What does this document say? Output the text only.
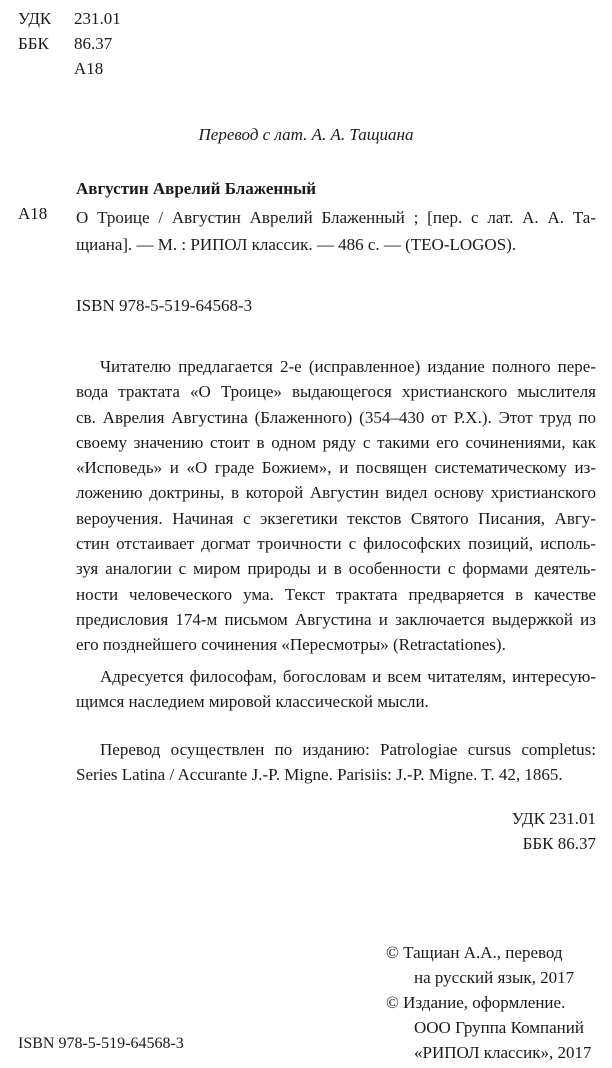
УДК	231.01
ББК	86.37
А18
Перевод с лат. А. А. Тащиана
Августин Аврелий Блаженный
А18 О Троице / Августин Аврелий Блаженный ; [пер. с лат. А. А. Та-
щиана]. — М. : РИПОЛ классик. — 486 с. — (TEO-LOGOS).
ISBN 978-5-519-64568-3
Читателю предлагается 2-е (исправленное) издание полного пере-
вода трактата «О Троице» выдающегося христианского мыслителя
св. Аврелия Августина (Блаженного) (354–430 от Р.Х.). Этот труд по
своему значению стоит в одном ряду с такими его сочинениями, как
«Исповедь» и «О граде Божием», и посвящен систематическому из-
ложению доктрины, в которой Августин видел основу христианского
вероучения. Начиная с экзегетики текстов Святого Писания, Авгу-
стин отстаивает догмат троичности с философских позиций, исполь-
зуя аналогии с миром природы и в особенности с формами деятель-
ности человеческого ума. Текст трактата предваряется в качестве
предисловия 174-м письмом Августина и заключается выдержкой из
его позднейшего сочинения «Пересмотры» (Retractationes).
Адресуется философам, богословам и всем читателям, интересую-
щимся наследием мировой классической мысли.
Перевод осуществлен по изданию: Patrologiae cursus completus:
Series Latina / Accurante J.-P. Migne. Parisiis: J.-P. Migne. T. 42, 1865.
УДК 231.01
ББК 86.37
© Тащиан А.А., перевод
на русский язык, 2017
© Издание, оформление.
ООО Группа Компаний
«РИПОЛ классик», 2017
ISBN 978-5-519-64568-3
